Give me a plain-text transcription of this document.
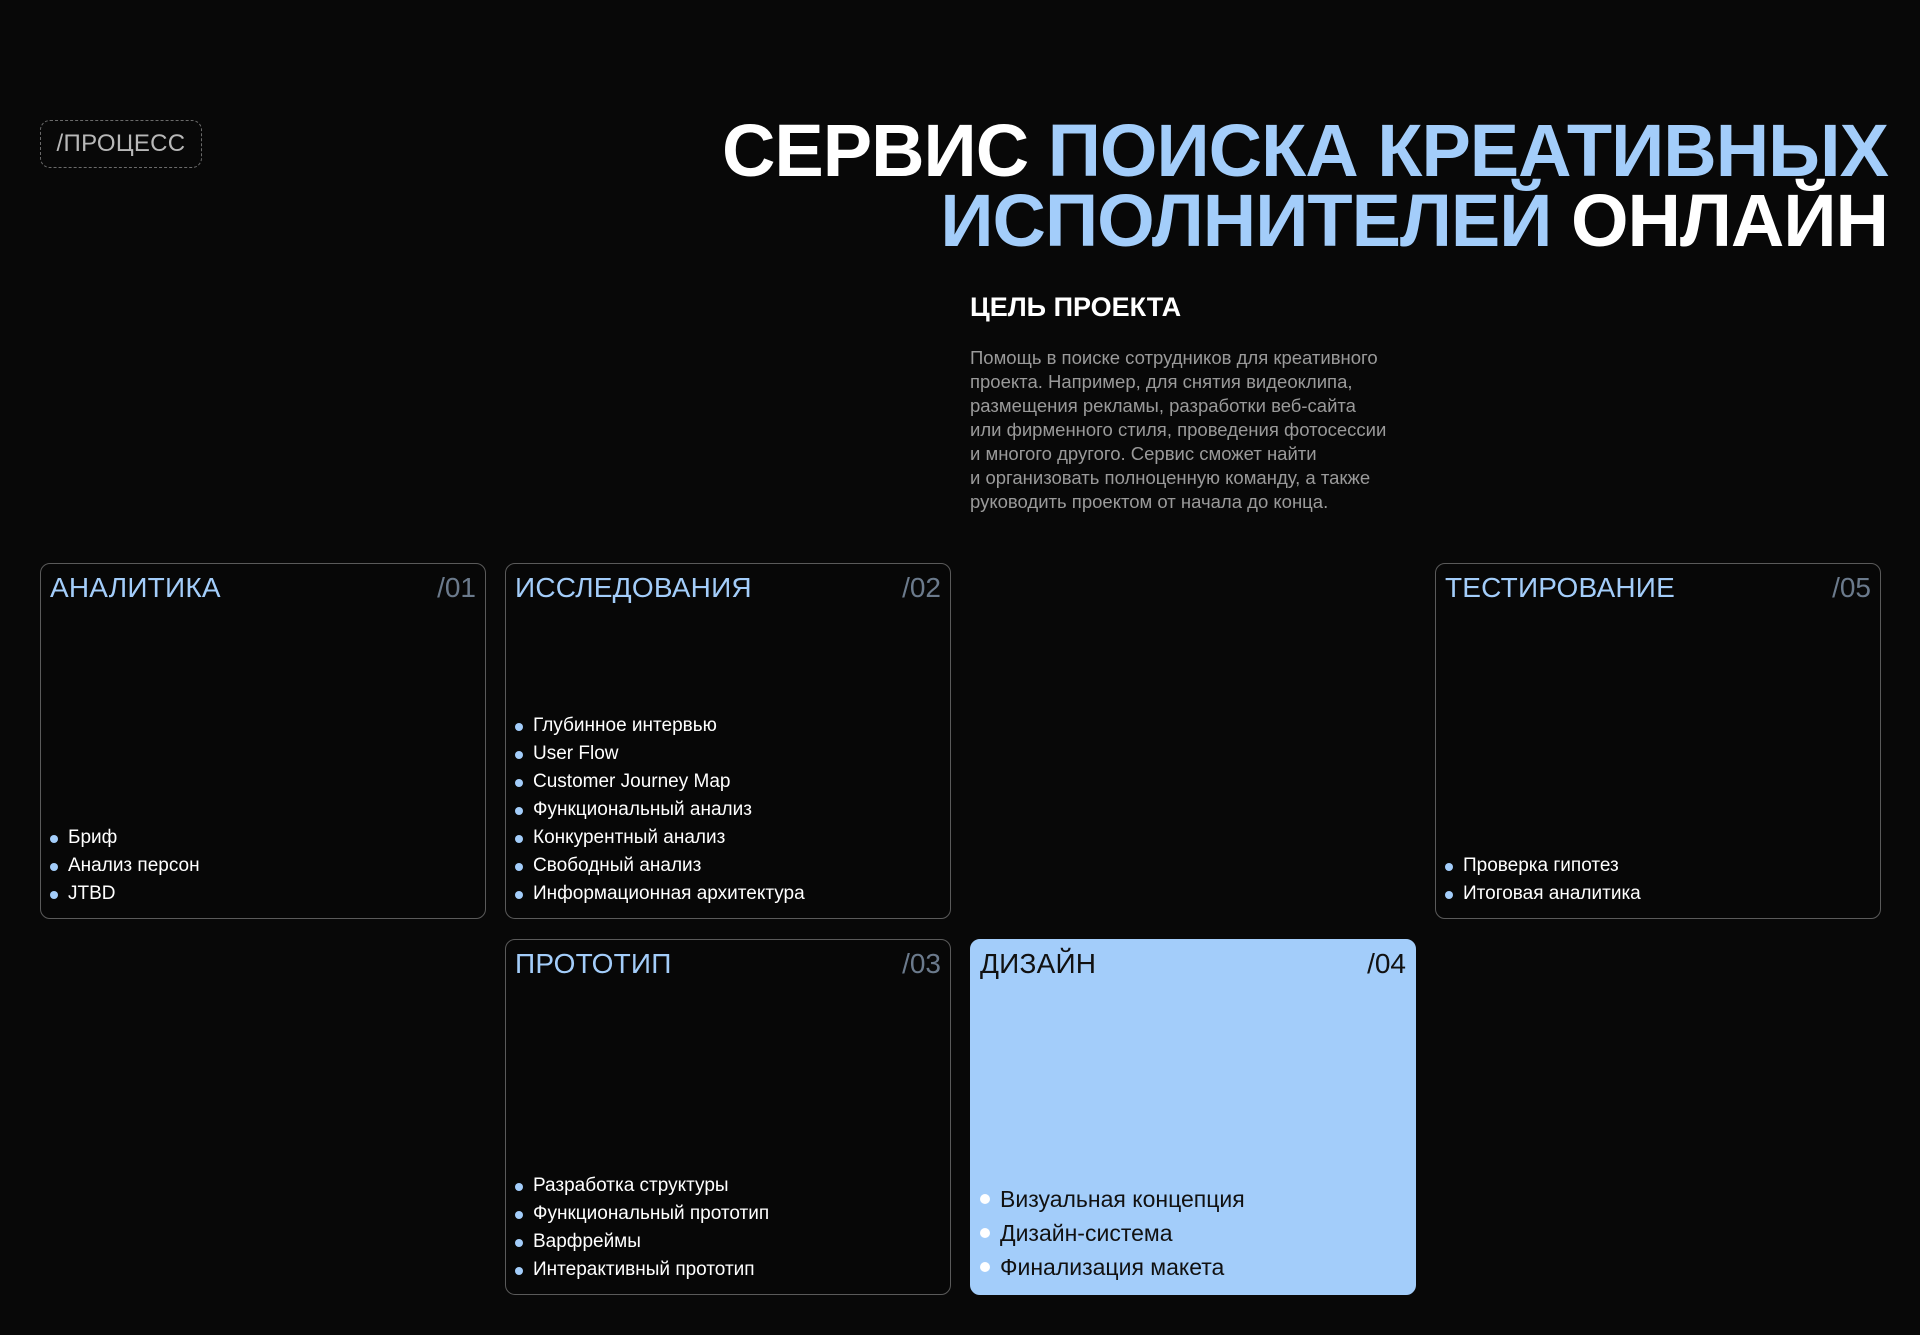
/ПРОЦЕСС	СЕРВИС ПОИСКА КРЕАТИВНЫХ
ИСПОЛНИТЕЛЕЙ ОНЛАЙН
ЦЕЛЬ ПРОЕКТА
Помощь в поиске сотрудников для креативного
проекта. Например, для снятия видеоклипа,
размещения рекламы, разработки веб-сайта
или фирменного стиля, проведения фотосессии
и многого другого. Сервис сможет найти
и организовать полноценную команду, а также
руководить проектом от начала до конца.
АНАЛИТИКА	/01
Бриф
Анализ персон
JTBD
ИССЛЕДОВАНИЯ	/02
Глубинное интервью
User Flow
Customer Journey Map
Функциональный анализ
Конкурентный анализ
Свободный анализ
Информационная архитектура
ТЕСТИРОВАНИЕ	/05
Проверка гипотез
Итоговая аналитика
ПРОТОТИП	/03
Разработка структуры
Функциональный прототип
Варфреймы
Интерактивный прототип
ДИЗАЙН	/04
Визуальная концепция
Дизайн-система
Финализация макета
